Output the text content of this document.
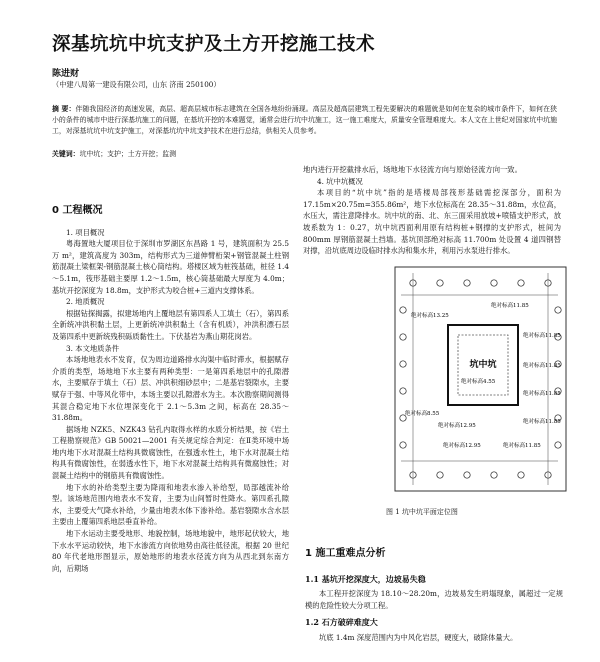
深基坑坑中坑支护及土方开挖施工技术
陈进财
（中建八局第一建设有限公司，山东 济南 250100）
摘 要：伴随我国经济的高速发展，高层、超高层城市标志建筑在全国各地纷纷涌现。高层及超高层建筑工程先要解决的难题就是如何在复杂的城市条件下，如何在狭小的条件的城市中进行深基坑施工的问题，在基坑开挖的本难题觉，通常会进行坑中坑施工，这一施工难度大，质量安全管理难度大。本人文在上世纪对国家坑中坑施工，对深基坑坑中坑支护施工，对深基坑坑中坑支护技术在进行总结，供相关人员参考。
关键词：坑中坑；支护；土方开挖；监测
0 工程概况

1. 项目概况

粤海置地大厦项目位于深圳市罗湖区东昌路 1 号，建筑面积为 25.5 万 m²，建筑高度为 303m，结构形式为三道伸臂桁架+钢管混凝土柱钢筋混凝土梁框架-钢筋混凝土核心筒结构。塔楼区域为桩筏基础，桩径 1.4～5.1m，筏形基础主要厚 1.2～1.5m，核心筒基础最大厚度为 4.0m；基坑开挖深度为 18.8m，支护形式为咬合桩+三道内支撑体系。

2. 地质概况

根据钻探揭露，拟建场地内上覆地层有第四系人工填土（石），第四系全新统冲洪积黏土层，上更新统冲洪积黏土（含有机质），冲洪积漂石层及第四系中更新统残积砾质黏性土。下伏基岩为燕山期花岗岩。

3. 本文地质条件

本场地地表水不发育，仅为周边道路排水沟渠中临时滞水，根据赋存介质的类型，场地地下水主要有两种类型：一是第四系地层中的孔隙潜水，主要赋存于填土（石）层、冲洪积细砂层中；二是基岩裂隙水，主要赋存于强、中等风化带中，本场主要以孔隙潜水为主。本次勘察期间测得其混合稳定地下水位埋深变化于 2.1～5.3m 之间，标高在 28.35～31.88m。

据场地 NZK5、NZK43 钻孔内取得水样的水质分析结果，按《岩土工程勘察规范》GB 50021—2001 有关规定综合判定：在Ⅱ类环境中场地内地下水对混凝土结构具微腐蚀性，在强透水性土，地下水对混凝土结构具有微腐蚀性，在弱透水性下，地下水对混凝土结构具有微腐蚀性；对混凝土结构中的钢筋具有微腐蚀性。

地下水的补给类型主要为降雨和地表水渗入补给型，局部越流补给型。该场地范围内地表水不发育，主要为山间暂时性降水。第四系孔隙水，主要受大气降水补给，少量由地表水体下渗补给。基岩裂隙水含水层主要由上覆第四系地层垂直补给。

地下水运动主要受地形、地貌控制，场地地貌中，地形起伏较大，地下水水平运动较快，地下水渗流方向依地势由高往低径流，根据 20 世纪 80 年代老地形图显示，原始地形的地表水径流方向为从西北到东南方向，后期场

地内进行开挖截排水后，场地地下水径流方向与原始径流方向一致。

4. 坑中坑概况

本项目的“坑中坑”指的是塔楼局部筏形基础需挖深部分，面积为 17.15m×20.75m=355.86m²，地下水位标高在 28.35～31.88m，水位高，水压大，需注意降排水。坑中坑的南、北、东三面采用放坡+喷锚支护形式，放坡系数为 1：0.27，坑中坑西面利用原有结构桩+钢撑的支护形式，桩间为 800mm 厚钢筋混凝土挡墙。基坑顶部绝对标高 11.700m 处设置 4 道四钢替对撑，沿坑底周边设临时排水沟和集水井，利用污水泵进行排水。

坑中坑
绝对标高13.25
绝对标高11.85
绝对标高11.85
绝对标高11.85
绝对标高11.85
绝对标高4.55
绝对标高8.55
绝对标高12.95
绝对标高11.85
绝对标高12.95	绝对标高11.85
图 1 坑中坑平面定位图
1 施工重难点分析
1.1 基坑开挖深度大，边坡易失稳
本工程开挖深度为 18.10～28.20m，边坡易发生坍塌现象，属超过一定规模的危险性较大分项工程。
1.2 石方破碎难度大
坑底 1.4m 深度范围内为中风化岩层，硬度大，破除体量大。
